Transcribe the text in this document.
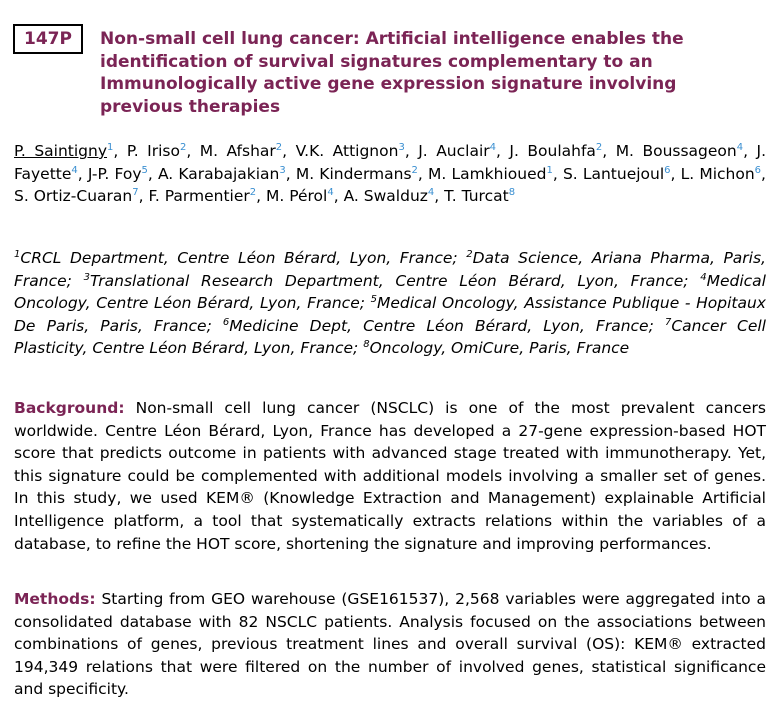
147P	Non-small cell lung cancer: Artificial intelligence enables the identification of survival signatures complementary to an Immunologically active gene expression signature involving previous therapies

P. Saintigny$^1$, P. Iriso$^2$, M. Afshar$^2$, V.K. Attignon$^3$, J. Auclair$^4$, J. Boulahfa$^2$, M. Boussageon$^4$, J. Fayette$^4$, J-P. Foy$^5$, A. Karabajakian$^3$, M. Kindermans$^2$, M. Lamkhioued$^1$, S. Lantuejoul$^6$, L. Michon$^6$, S. Ortiz-Cuaran$^7$, F. Parmentier$^2$, M. Pérol$^4$, A. Swalduz$^4$, T. Turcat$^8$

$^1$CRCL Department, Centre Léon Bérard, Lyon, France; $^2$Data Science, Ariana Pharma, Paris, France; $^3$Translational Research Department, Centre Léon Bérard, Lyon, France; $^4$Medical Oncology, Centre Léon Bérard, Lyon, France; $^5$Medical Oncology, Assistance Publique - Hopitaux De Paris, Paris, France; $^6$Medicine Dept, Centre Léon Bérard, Lyon, France; $^7$Cancer Cell Plasticity, Centre Léon Bérard, Lyon, France; $^8$Oncology, OmiCure, Paris, France

Background: Non-small cell lung cancer (NSCLC) is one of the most prevalent cancers worldwide. Centre Léon Bérard, Lyon, France has developed a 27-gene expression-based HOT score that predicts outcome in patients with advanced stage treated with immunotherapy. Yet, this signature could be complemented with additional models involving a smaller set of genes. In this study, we used KEM® (Knowledge Extraction and Management) explainable Artificial Intelligence platform, a tool that systematically extracts relations within the variables of a database, to refine the HOT score, shortening the signature and improving performances.

Methods: Starting from GEO warehouse (GSE161537), 2,568 variables were aggregated into a consolidated database with 82 NSCLC patients. Analysis focused on the associations between combinations of genes, previous treatment lines and overall survival (OS): KEM® extracted 194,349 relations that were filtered on the number of involved genes, statistical significance and specificity.
